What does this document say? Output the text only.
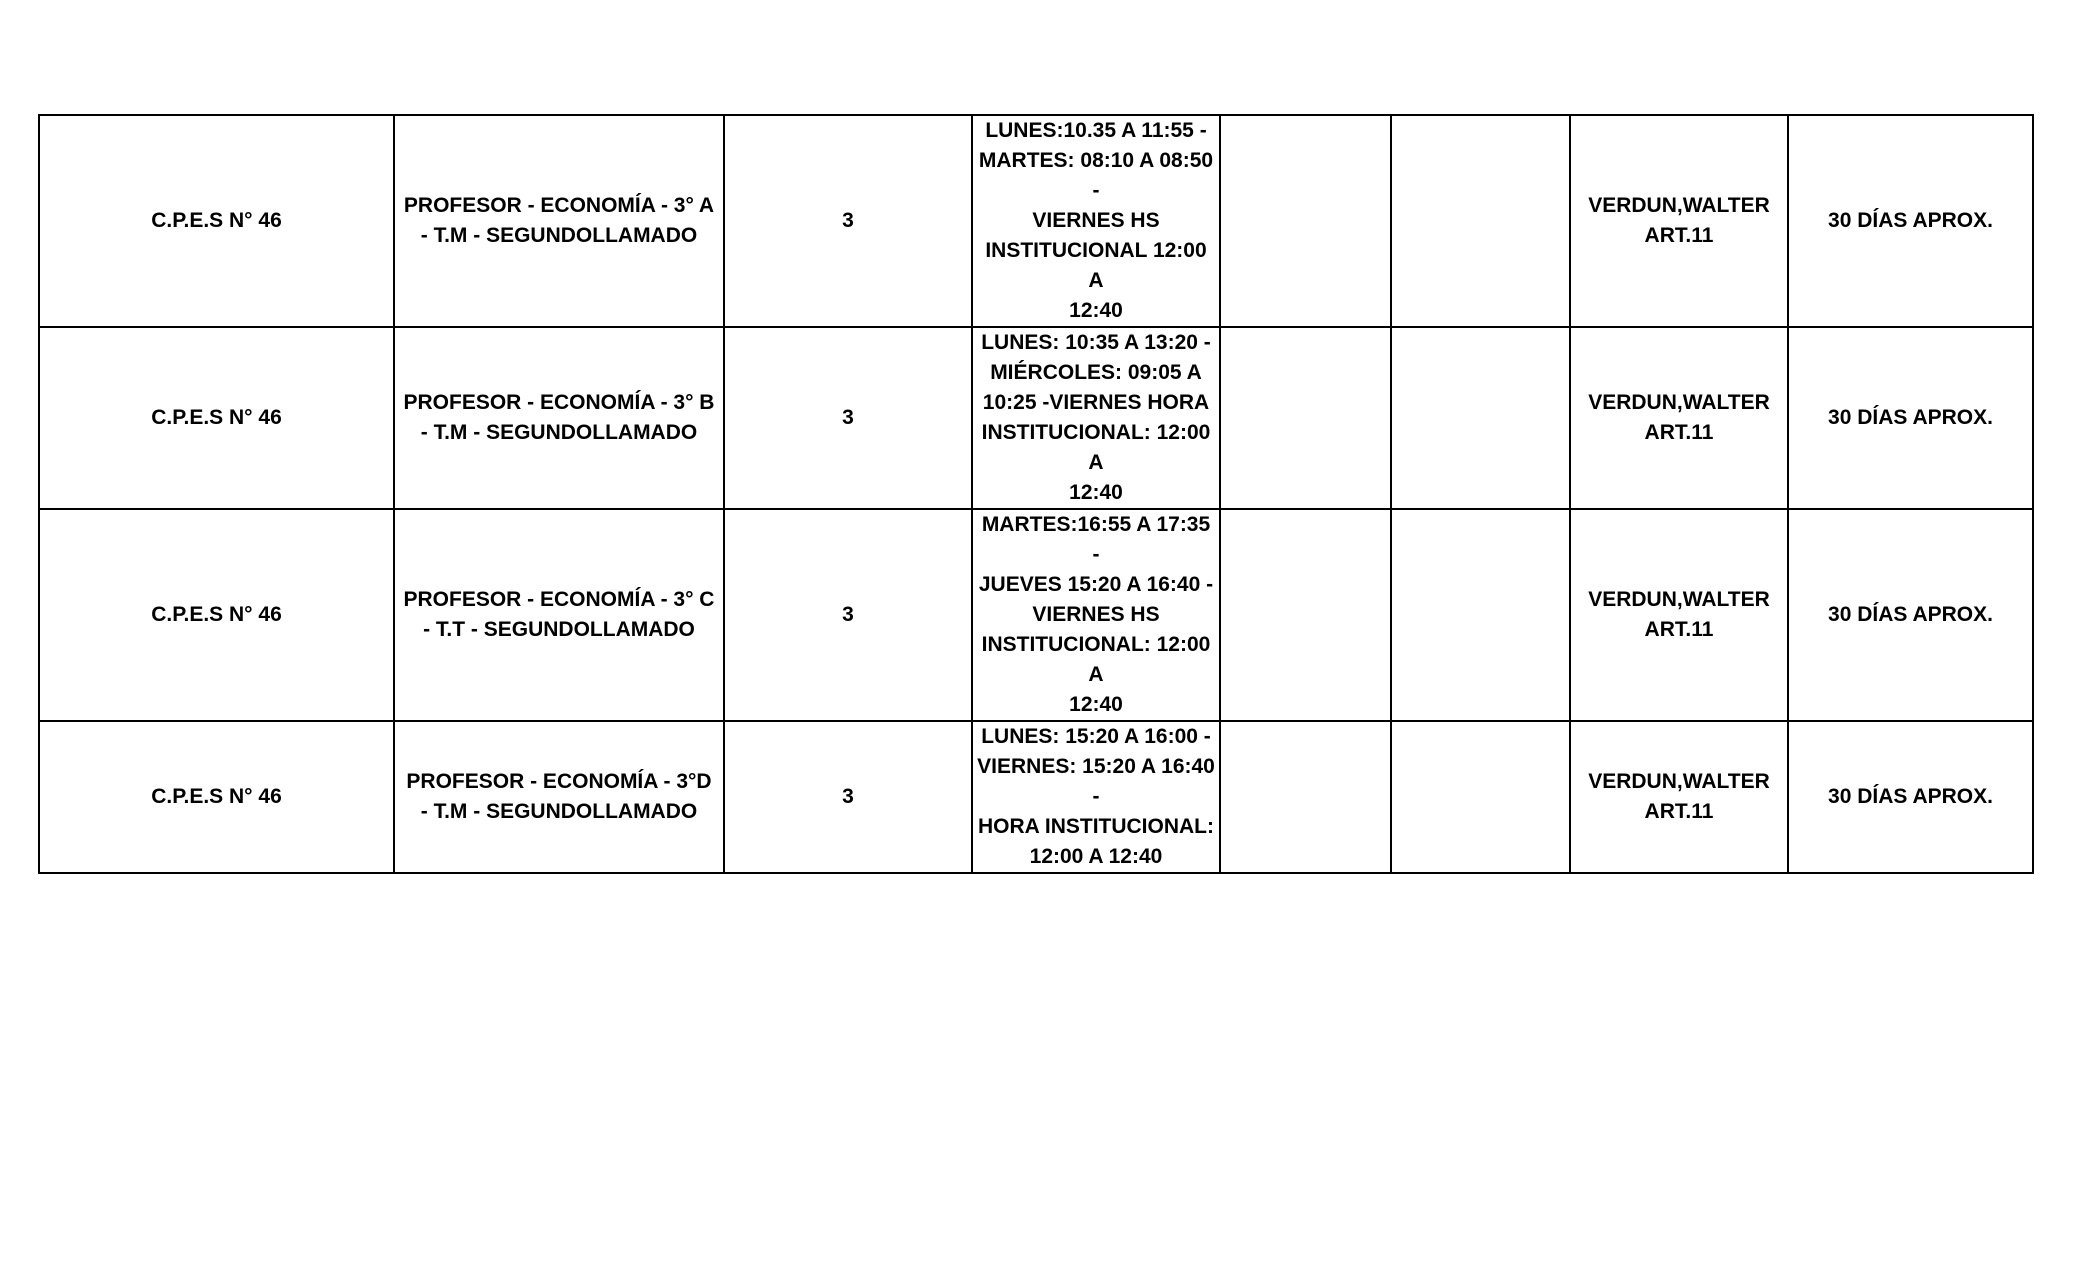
C.P.E.S N° 46	PROFESOR - ECONOMÍA - 3° A
- T.M - SEGUNDOLLAMADO	3	LUNES:10.35 A 11:55 -
MARTES: 08:10 A 08:50 -
VIERNES HS
INSTITUCIONAL 12:00 A
12:40			VERDUN,WALTER
ART.11	30 DÍAS APROX.
C.P.E.S N° 46	PROFESOR - ECONOMÍA - 3° B
- T.M - SEGUNDOLLAMADO	3	LUNES: 10:35 A 13:20 -
MIÉRCOLES: 09:05 A
10:25 -VIERNES HORA
INSTITUCIONAL: 12:00 A
12:40			VERDUN,WALTER
ART.11	30 DÍAS APROX.
C.P.E.S N° 46	PROFESOR - ECONOMÍA - 3° C
- T.T - SEGUNDOLLAMADO	3	MARTES:16:55 A 17:35 -
JUEVES 15:20 A 16:40 -
VIERNES HS
INSTITUCIONAL: 12:00 A
12:40			VERDUN,WALTER
ART.11	30 DÍAS APROX.
C.P.E.S N° 46	PROFESOR - ECONOMÍA - 3°D
- T.M - SEGUNDOLLAMADO	3	LUNES: 15:20 A 16:00 -
VIERNES: 15:20 A 16:40 -
HORA INSTITUCIONAL:
12:00 A 12:40			VERDUN,WALTER
ART.11	30 DÍAS APROX.
